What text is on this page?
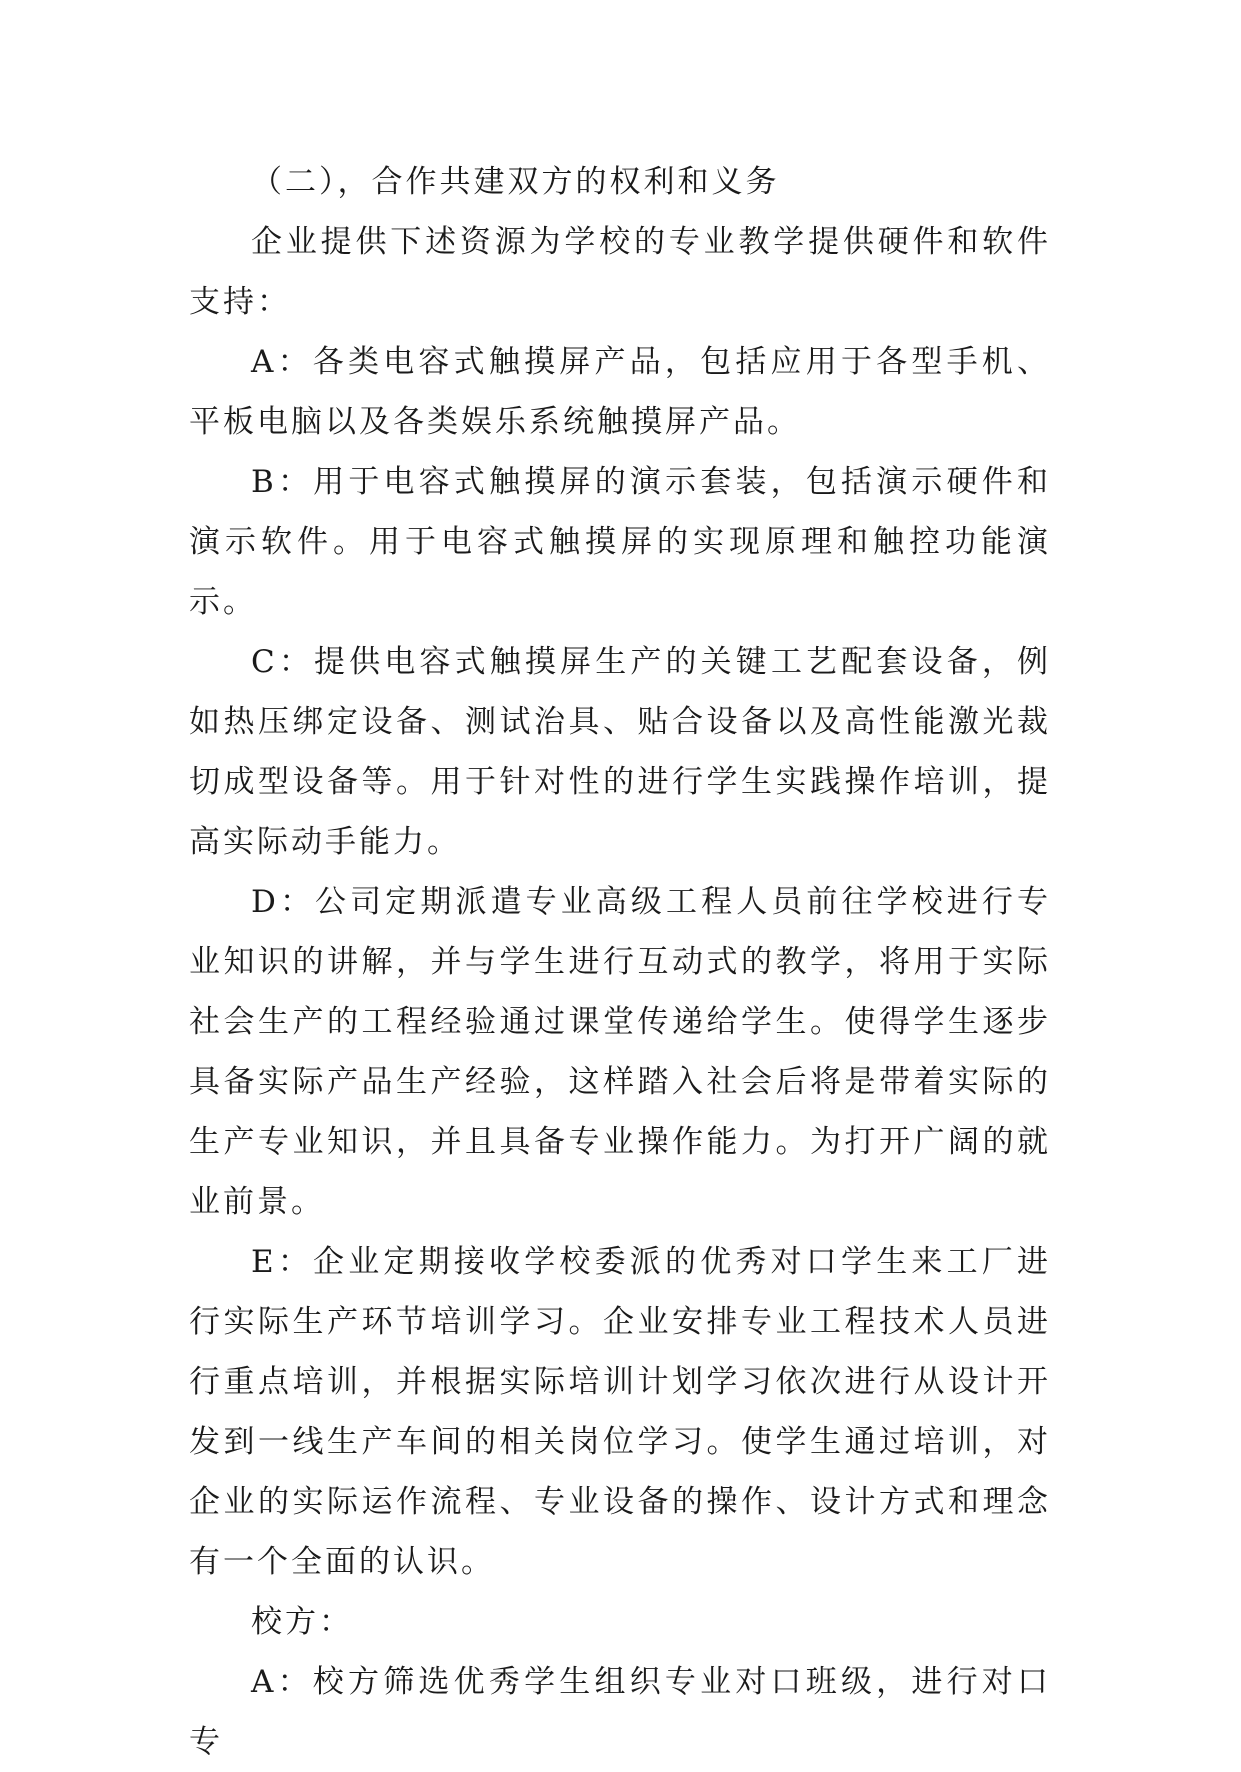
（二），合作共建双方的权利和义务

企业提供下述资源为学校的专业教学提供硬件和软件支持：

A：各类电容式触摸屏产品，包括应用于各型手机、平板电脑以及各类娱乐系统触摸屏产品。

B：用于电容式触摸屏的演示套装，包括演示硬件和演示软件。用于电容式触摸屏的实现原理和触控功能演示。

C：提供电容式触摸屏生产的关键工艺配套设备，例如热压绑定设备、测试治具、贴合设备以及高性能激光裁切成型设备等。用于针对性的进行学生实践操作培训，提高实际动手能力。

D：公司定期派遣专业高级工程人员前往学校进行专业知识的讲解，并与学生进行互动式的教学，将用于实际社会生产的工程经验通过课堂传递给学生。使得学生逐步具备实际产品生产经验，这样踏入社会后将是带着实际的生产专业知识，并且具备专业操作能力。为打开广阔的就业前景。

E：企业定期接收学校委派的优秀对口学生来工厂进行实际生产环节培训学习。企业安排专业工程技术人员进行重点培训，并根据实际培训计划学习依次进行从设计开发到一线生产车间的相关岗位学习。使学生通过培训，对企业的实际运作流程、专业设备的操作、设计方式和理念有一个全面的认识。

校方：

A：校方筛选优秀学生组织专业对口班级，进行对口专
